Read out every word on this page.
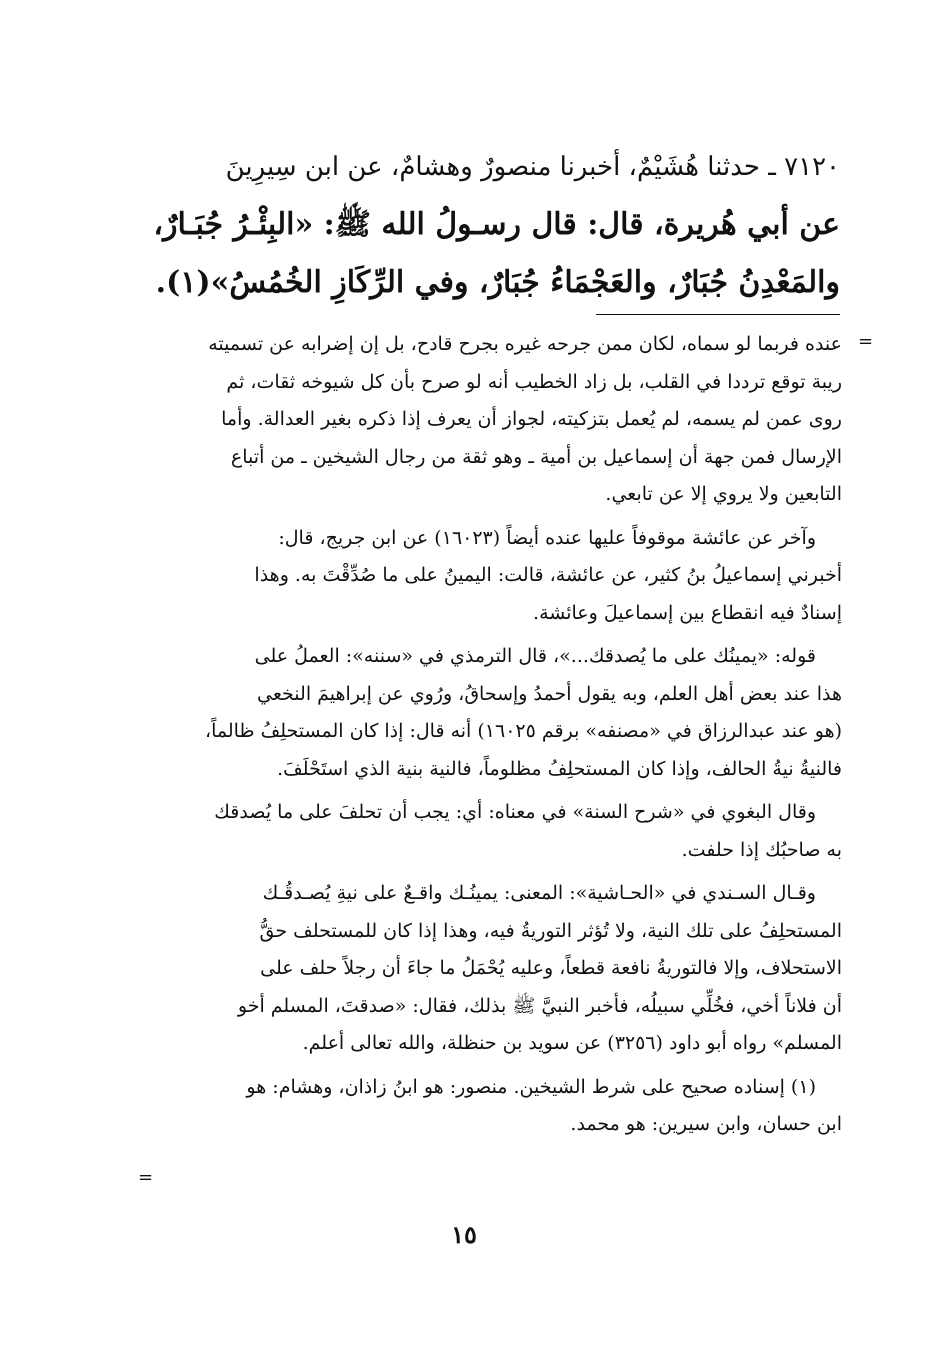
٧١٢٠ ـ حدثنا هُشَيْمٌ، أخبرنا منصورٌ وهشامٌ، عن ابن سِيرِينَ
عن أبي هُريرة، قال: قال رسـولُ الله ﷺ: «البِئْـرُ جُبَـارٌ،
والمَعْدِنُ جُبَارٌ، والعَجْمَاءُ جُبَارٌ، وفي الرِّكَازِ الخُمُسُ»(١).
=
عنده فربما لو سماه، لكان ممن جرحه غيره بجرح قادح، بل إن إضرابه عن تسميته
ريبة توقع ترددا في القلب، بل زاد الخطيب أنه لو صرح بأن كل شيوخه ثقات، ثم
روى عمن لم يسمه، لم يُعمل بتزكيته، لجواز أن يعرف إذا ذكره بغير العدالة. وأما
الإرسال فمن جهة أن إسماعيل بن أمية ـ وهو ثقة من رجال الشيخين ـ من أتباع
التابعين ولا يروي إلا عن تابعي.
وآخر عن عائشة موقوفاً عليها عنده أيضاً (١٦٠٢٣) عن ابن جريج، قال:
أخبرني إسماعيلُ بنُ كثير، عن عائشة، قالت: اليمينُ على ما صُدِّقْتَ به. وهذا
إسنادٌ فيه انقطاع بين إسماعيلَ وعائشة.
قوله: «يمينُك على ما يُصدقك...»، قال الترمذي في «سننه»: العملُ على
هذا عند بعض أهل العلم، وبه يقول أحمدُ وإسحاقُ، ورُوي عن إبراهيمَ النخعي
(هو عند عبدالرزاق في «مصنفه» برقم ١٦٠٢٥) أنه قال: إذا كان المستحلِفُ ظالماً،
فالنيةُ نيةُ الحالف، وإذا كان المستحلِفُ مظلوماً، فالنية بنية الذي استَحْلَفَ.
وقال البغوي في «شرح السنة» في معناه: أي: يجب أن تحلفَ على ما يُصدقك
به صاحبُك إذا حلفت.
وقـال السـندي في «الحـاشية»: المعنى: يمينُـك واقـعٌ على نيةِ يُصـدقُـك
المستحلِفُ على تلك النية، ولا تُؤثر التوريةُ فيه، وهذا إذا كان للمستحلف حقُّ
الاستحلاف، وإلا فالتوريةُ نافعة قطعاً، وعليه يُحْمَلُ ما جاءَ أن رجلاً حلف على
أن فلاناً أخي، فخُلِّي سبيلُه، فأخبر النبيَّ ﷺ بذلك، فقال: «صدقتَ، المسلم أخو
المسلم» رواه أبو داود (٣٢٥٦) عن سويد بن حنظلة، والله تعالى أعلم.
(١) إسناده صحيح على شرط الشيخين. منصور: هو ابنُ زاذان، وهشام: هو
ابن حسان، وابن سيرين: هو محمد.
=
١٥
